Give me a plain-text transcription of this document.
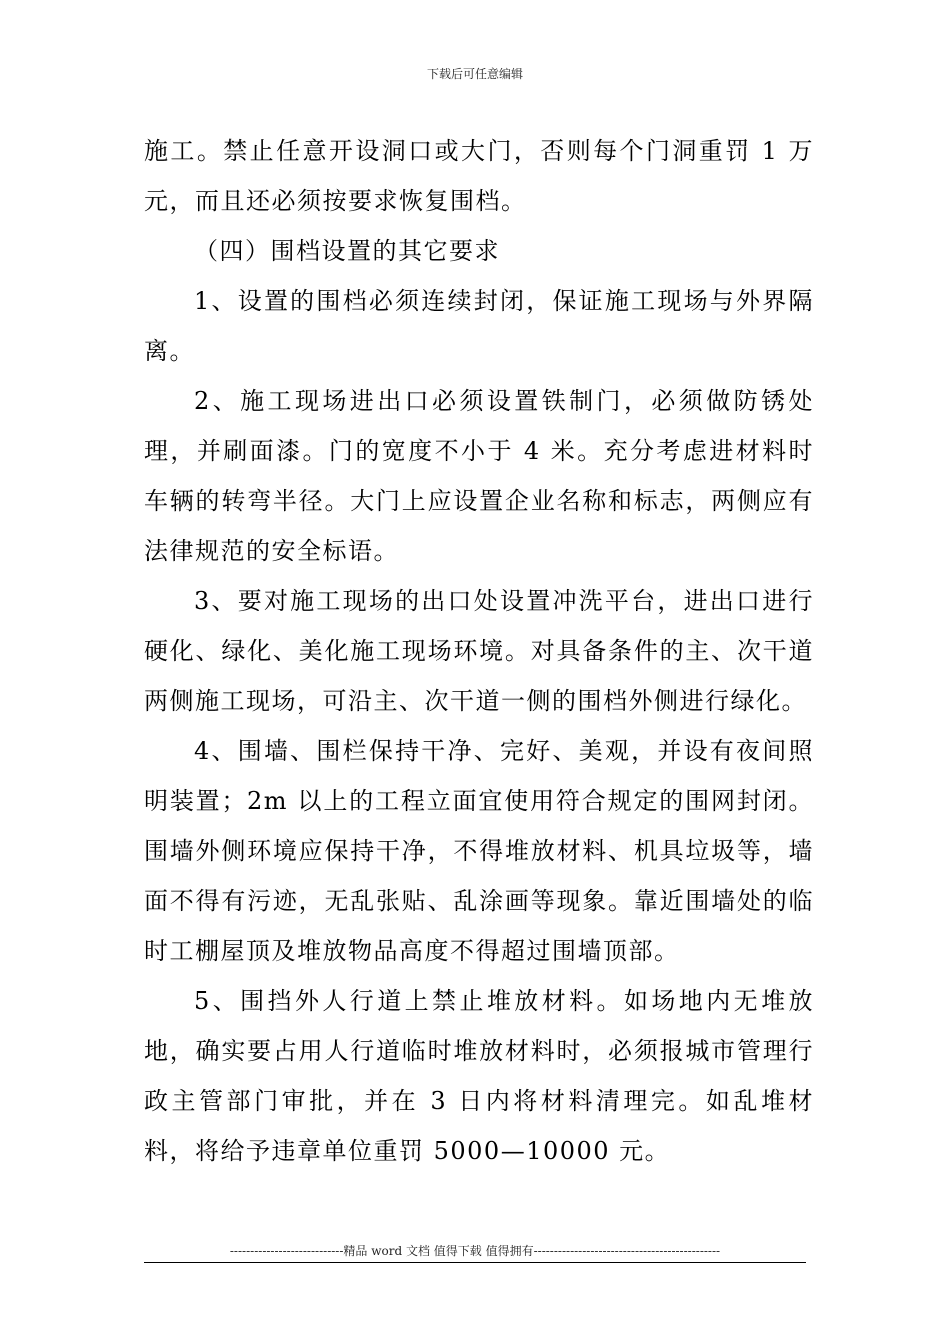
下载后可任意编辑

施工。禁止任意开设洞口或大门，否则每个门洞重罚 1 万元，而且还必须按要求恢复围档。

（四）围档设置的其它要求

1、设置的围档必须连续封闭，保证施工现场与外界隔离。

2、施工现场进出口必须设置铁制门，必须做防锈处理，并刷面漆。门的宽度不小于 4 米。充分考虑进材料时车辆的转弯半径。大门上应设置企业名称和标志，两侧应有法律规范的安全标语。

3、要对施工现场的出口处设置冲洗平台，进出口进行硬化、绿化、美化施工现场环境。对具备条件的主、次干道两侧施工现场，可沿主、次干道一侧的围档外侧进行绿化。

4、围墙、围栏保持干净、完好、美观，并设有夜间照明装置；2m 以上的工程立面宜使用符合规定的围网封闭。围墙外侧环境应保持干净，不得堆放材料、机具垃圾等，墙面不得有污迹，无乱张贴、乱涂画等现象。靠近围墙处的临时工棚屋顶及堆放物品高度不得超过围墙顶部。

5、围挡外人行道上禁止堆放材料。如场地内无堆放地，确实要占用人行道临时堆放材料时，必须报城市管理行政主管部门审批，并在 3 日内将材料清理完。如乱堆材料，将给予违章单位重罚 5000—10000 元。

----------------------------精品 word 文档 值得下载 值得拥有----------------------------------------------
